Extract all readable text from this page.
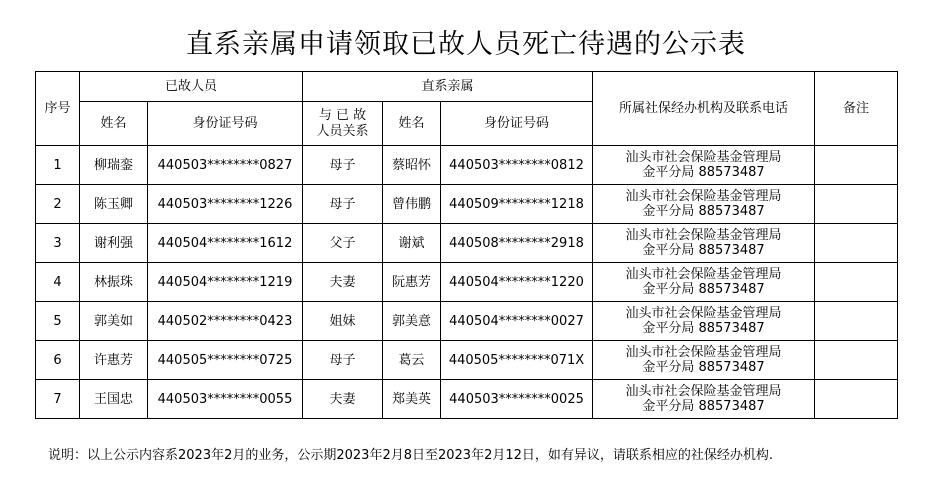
直系亲属申请领取已故人员死亡待遇的公示表
序号	已故人员		直系亲属			所属社保经办机构及联系电话	备注
	姓名	身份证号码	与 已 故
人员关系	姓名	身份证号码		
1	柳瑞銮	440503********0827	母子	蔡昭怀	440503********0812	汕头市社会保险基金管理局
金平分局 88573487	

2	陈玉卿	440503********1226	母子	曾伟鹏	440509********1218	汕头市社会保险基金管理局
金平分局 88573487	

3	谢利强	440504********1612	父子	谢斌	440508********2918	汕头市社会保险基金管理局
金平分局 88573487	

4	林振珠	440504********1219	夫妻	阮惠芳	440504********1220	汕头市社会保险基金管理局
金平分局 88573487	

5	郭美如	440502********0423	姐妹	郭美意	440504********0027	汕头市社会保险基金管理局
金平分局 88573487	

6	许惠芳	440505********0725	母子	葛云	440505********071X	汕头市社会保险基金管理局
金平分局 88573487	

7	王国忠	440503********0055	夫妻	郑美英	440503********0025	汕头市社会保险基金管理局
金平分局 88573487	

说明：以上公示内容系2023年2月的业务，公示期2023年2月8日至2023年2月12日，如有异议，请联系相应的社保经办机构.
